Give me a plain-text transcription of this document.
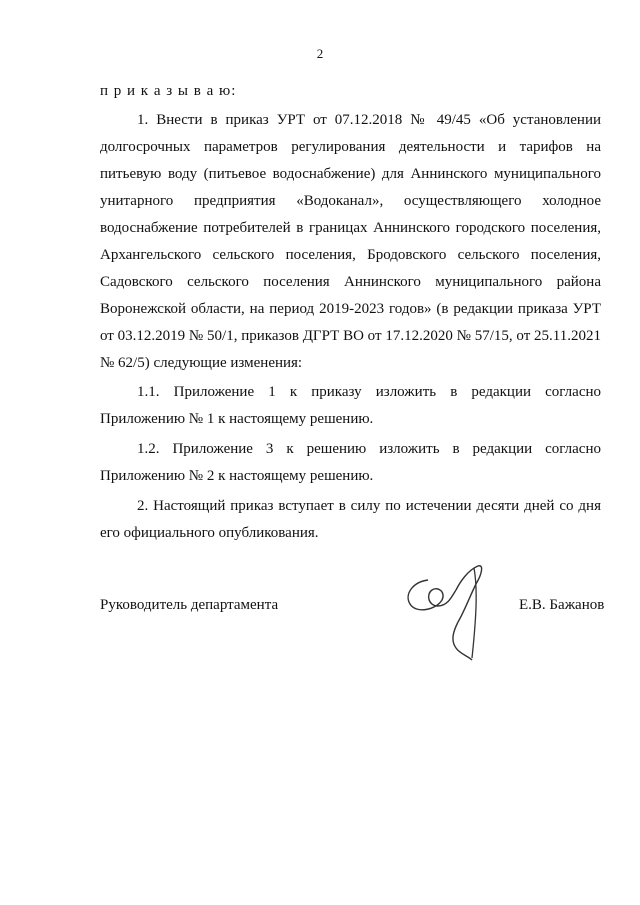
2
п р и к а з ы в а ю:
1. Внести в приказ УРТ от 07.12.2018 № 49/45 «Об установлении
долгосрочных параметров регулирования деятельности и тарифов на
питьевую воду (питьевое водоснабжение) для Аннинского муниципального
унитарного предприятия «Водоканал», осуществляющего холодное
водоснабжение потребителей в границах Аннинского городского поселения,
Архангельского сельского поселения, Бродовского сельского поселения,
Садовского сельского поселения Аннинского муниципального района
Воронежской области, на период 2019-2023 годов» (в редакции приказа УРТ
от 03.12.2019 № 50/1, приказов ДГРТ ВО от 17.12.2020 № 57/15, от 25.11.2021
№ 62/5) следующие изменения:
1.1. Приложение 1 к приказу изложить в редакции согласно
Приложению № 1 к настоящему решению.
1.2. Приложение 3 к решению изложить в редакции согласно
Приложению № 2 к настоящему решению.
2. Настоящий приказ вступает в силу по истечении десяти дней со дня
его официального опубликования.
Руководитель департамента	Е.В. Бажанов
